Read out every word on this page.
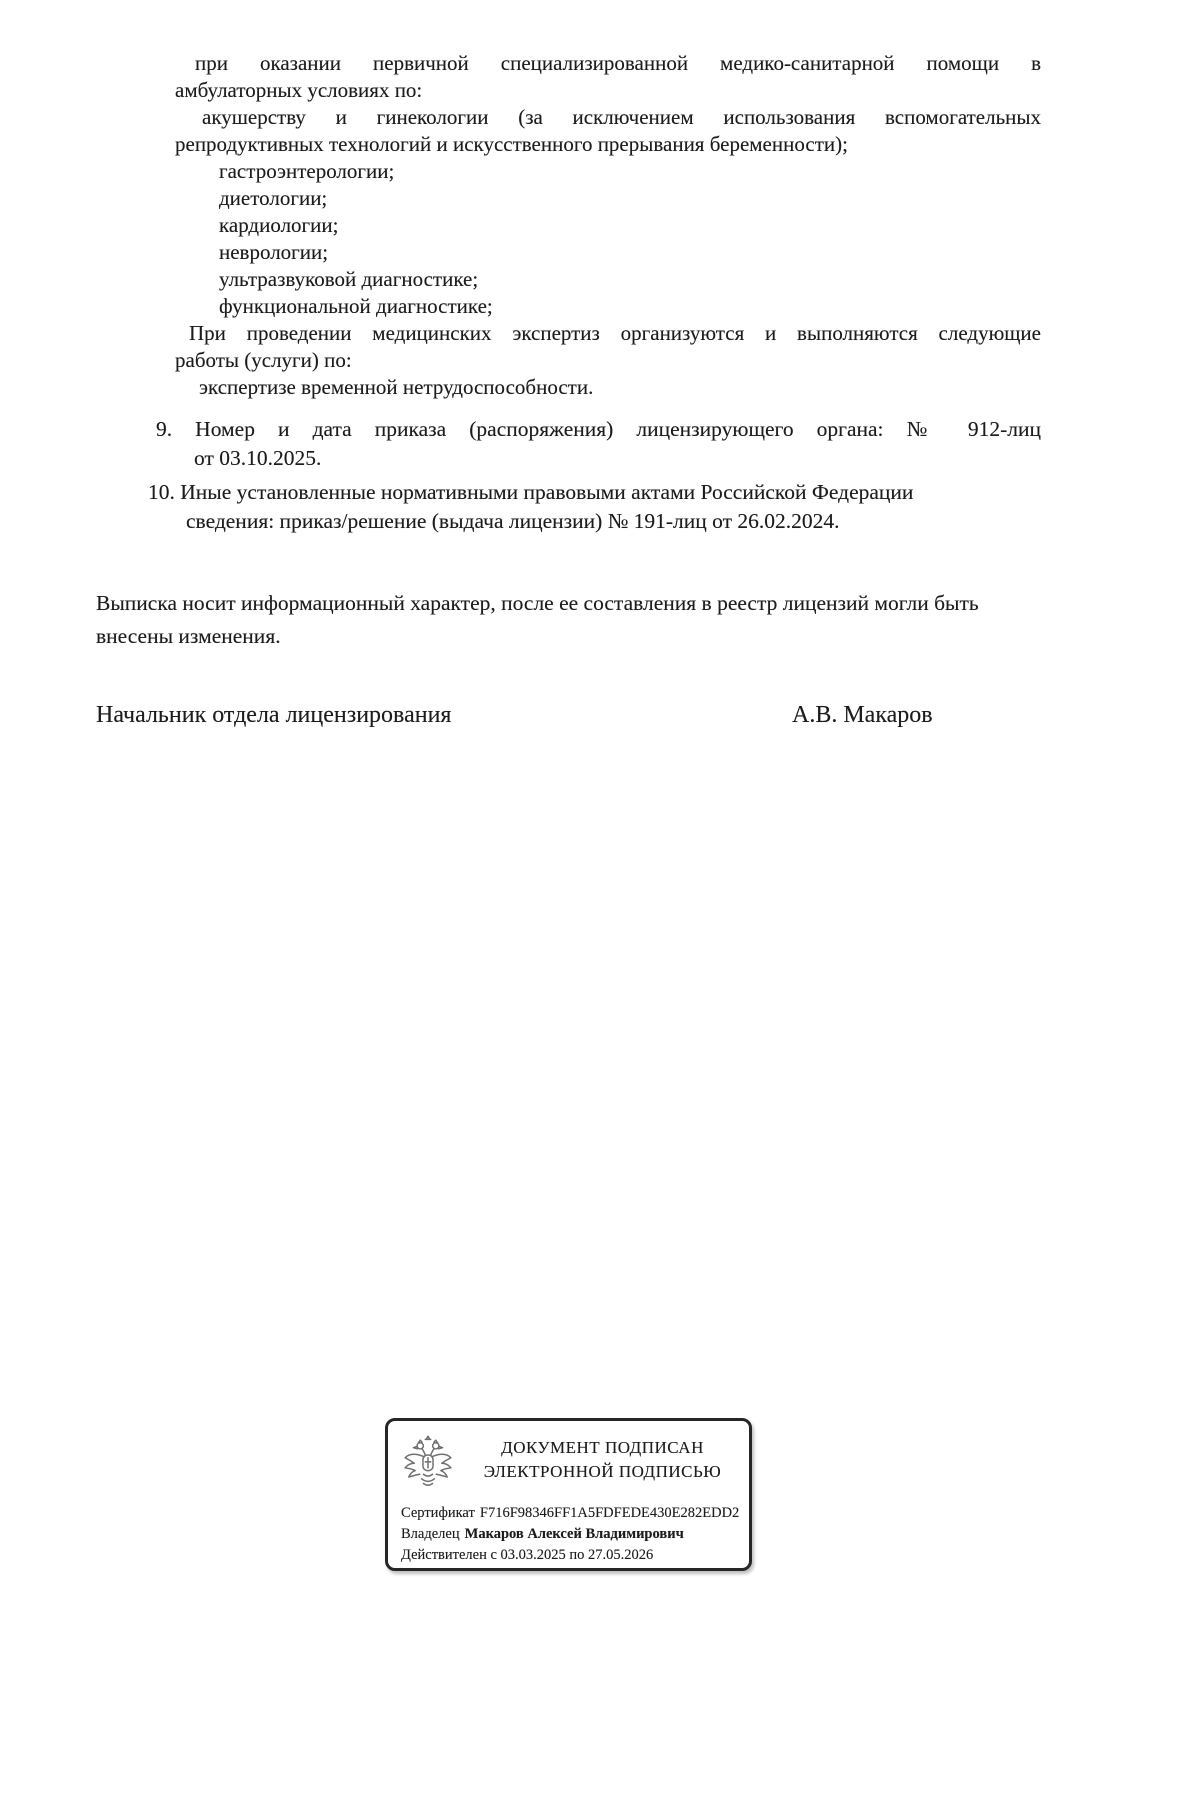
при оказании первичной специализированной медико-санитарной помощи в
амбулаторных условиях по:
акушерству и гинекологии (за исключением использования вспомогательных
репродуктивных технологий и искусственного прерывания беременности);
гастроэнтерологии;
диетологии;
кардиологии;
неврологии;
ультразвуковой диагностике;
функциональной диагностике;
При проведении медицинских экспертиз организуются и выполняются следующие
работы (услуги) по:
экспертизе временной нетрудоспособности.
9. Номер и дата приказа (распоряжения) лицензирующего органа: № 912-лиц
от 03.10.2025.
10. Иные установленные нормативными правовыми актами Российской Федерации
сведения: приказ/решение (выдача лицензии) № 191-лиц от 26.02.2024.
Выписка носит информационный характер, после ее составления в реестр лицензий могли быть
внесены изменения.
Начальник отдела лицензирования	А.В. Макаров
ДОКУМЕНТ ПОДПИСАН
ЭЛЕКТРОННОЙ ПОДПИСЬЮ
Сертификат F716F98346FF1A5FDFEDE430E282EDD2
Владелец Макаров Алексей Владимирович
Действителен с 03.03.2025 по 27.05.2026
